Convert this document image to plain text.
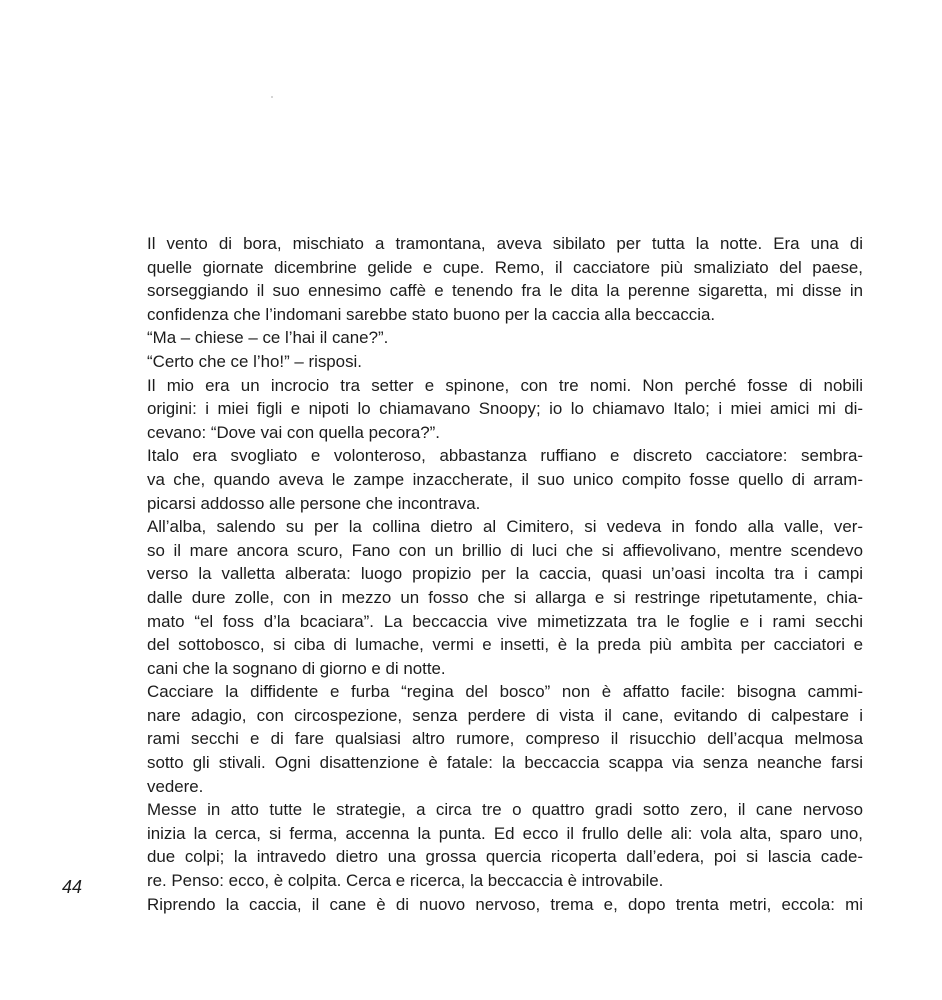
Il vento di bora, mischiato a tramontana, aveva sibilato per tutta la notte. Era una di
quelle giornate dicembrine gelide e cupe. Remo, il cacciatore più smaliziato del paese,
sorseggiando il suo ennesimo caffè e tenendo fra le dita la perenne sigaretta, mi disse in
confidenza che l’indomani sarebbe stato buono per la caccia alla beccaccia.
“Ma – chiese – ce l’hai il cane?”.
“Certo che ce l’ho!” – risposi.
Il mio era un incrocio tra setter e spinone, con tre nomi. Non perché fosse di nobili
origini: i miei figli e nipoti lo chiamavano Snoopy; io lo chiamavo Italo; i miei amici mi di-
cevano: “Dove vai con quella pecora?”.
Italo era svogliato e volonteroso, abbastanza ruffiano e discreto cacciatore: sembra-
va che, quando aveva le zampe inzaccherate, il suo unico compito fosse quello di arram-
picarsi addosso alle persone che incontrava.
All’alba, salendo su per la collina dietro al Cimitero, si vedeva in fondo alla valle, ver-
so il mare ancora scuro, Fano con un brillio di luci che si affievolivano, mentre scendevo
verso la valletta alberata: luogo propizio per la caccia, quasi un’oasi incolta tra i campi
dalle dure zolle, con in mezzo un fosso che si allarga e si restringe ripetutamente, chia-
mato “el foss d’la bcaciara”. La beccaccia vive mimetizzata tra le foglie e i rami secchi
del sottobosco, si ciba di lumache, vermi e insetti, è la preda più ambìta per cacciatori e
cani che la sognano di giorno e di notte.
Cacciare la diffidente e furba “regina del bosco” non è affatto facile: bisogna cammi-
nare adagio, con circospezione, senza perdere di vista il cane, evitando di calpestare i
rami secchi e di fare qualsiasi altro rumore, compreso il risucchio dell’acqua melmosa
sotto gli stivali. Ogni disattenzione è fatale: la beccaccia scappa via senza neanche farsi
vedere.
Messe in atto tutte le strategie, a circa tre o quattro gradi sotto zero, il cane nervoso
inizia la cerca, si ferma, accenna la punta. Ed ecco il frullo delle ali: vola alta, sparo uno,
due colpi; la intravedo dietro una grossa quercia ricoperta dall’edera, poi si lascia cade-
re. Penso: ecco, è colpita. Cerca e ricerca, la beccaccia è introvabile.
Riprendo la caccia, il cane è di nuovo nervoso, trema e, dopo trenta metri, eccola: mi
44
